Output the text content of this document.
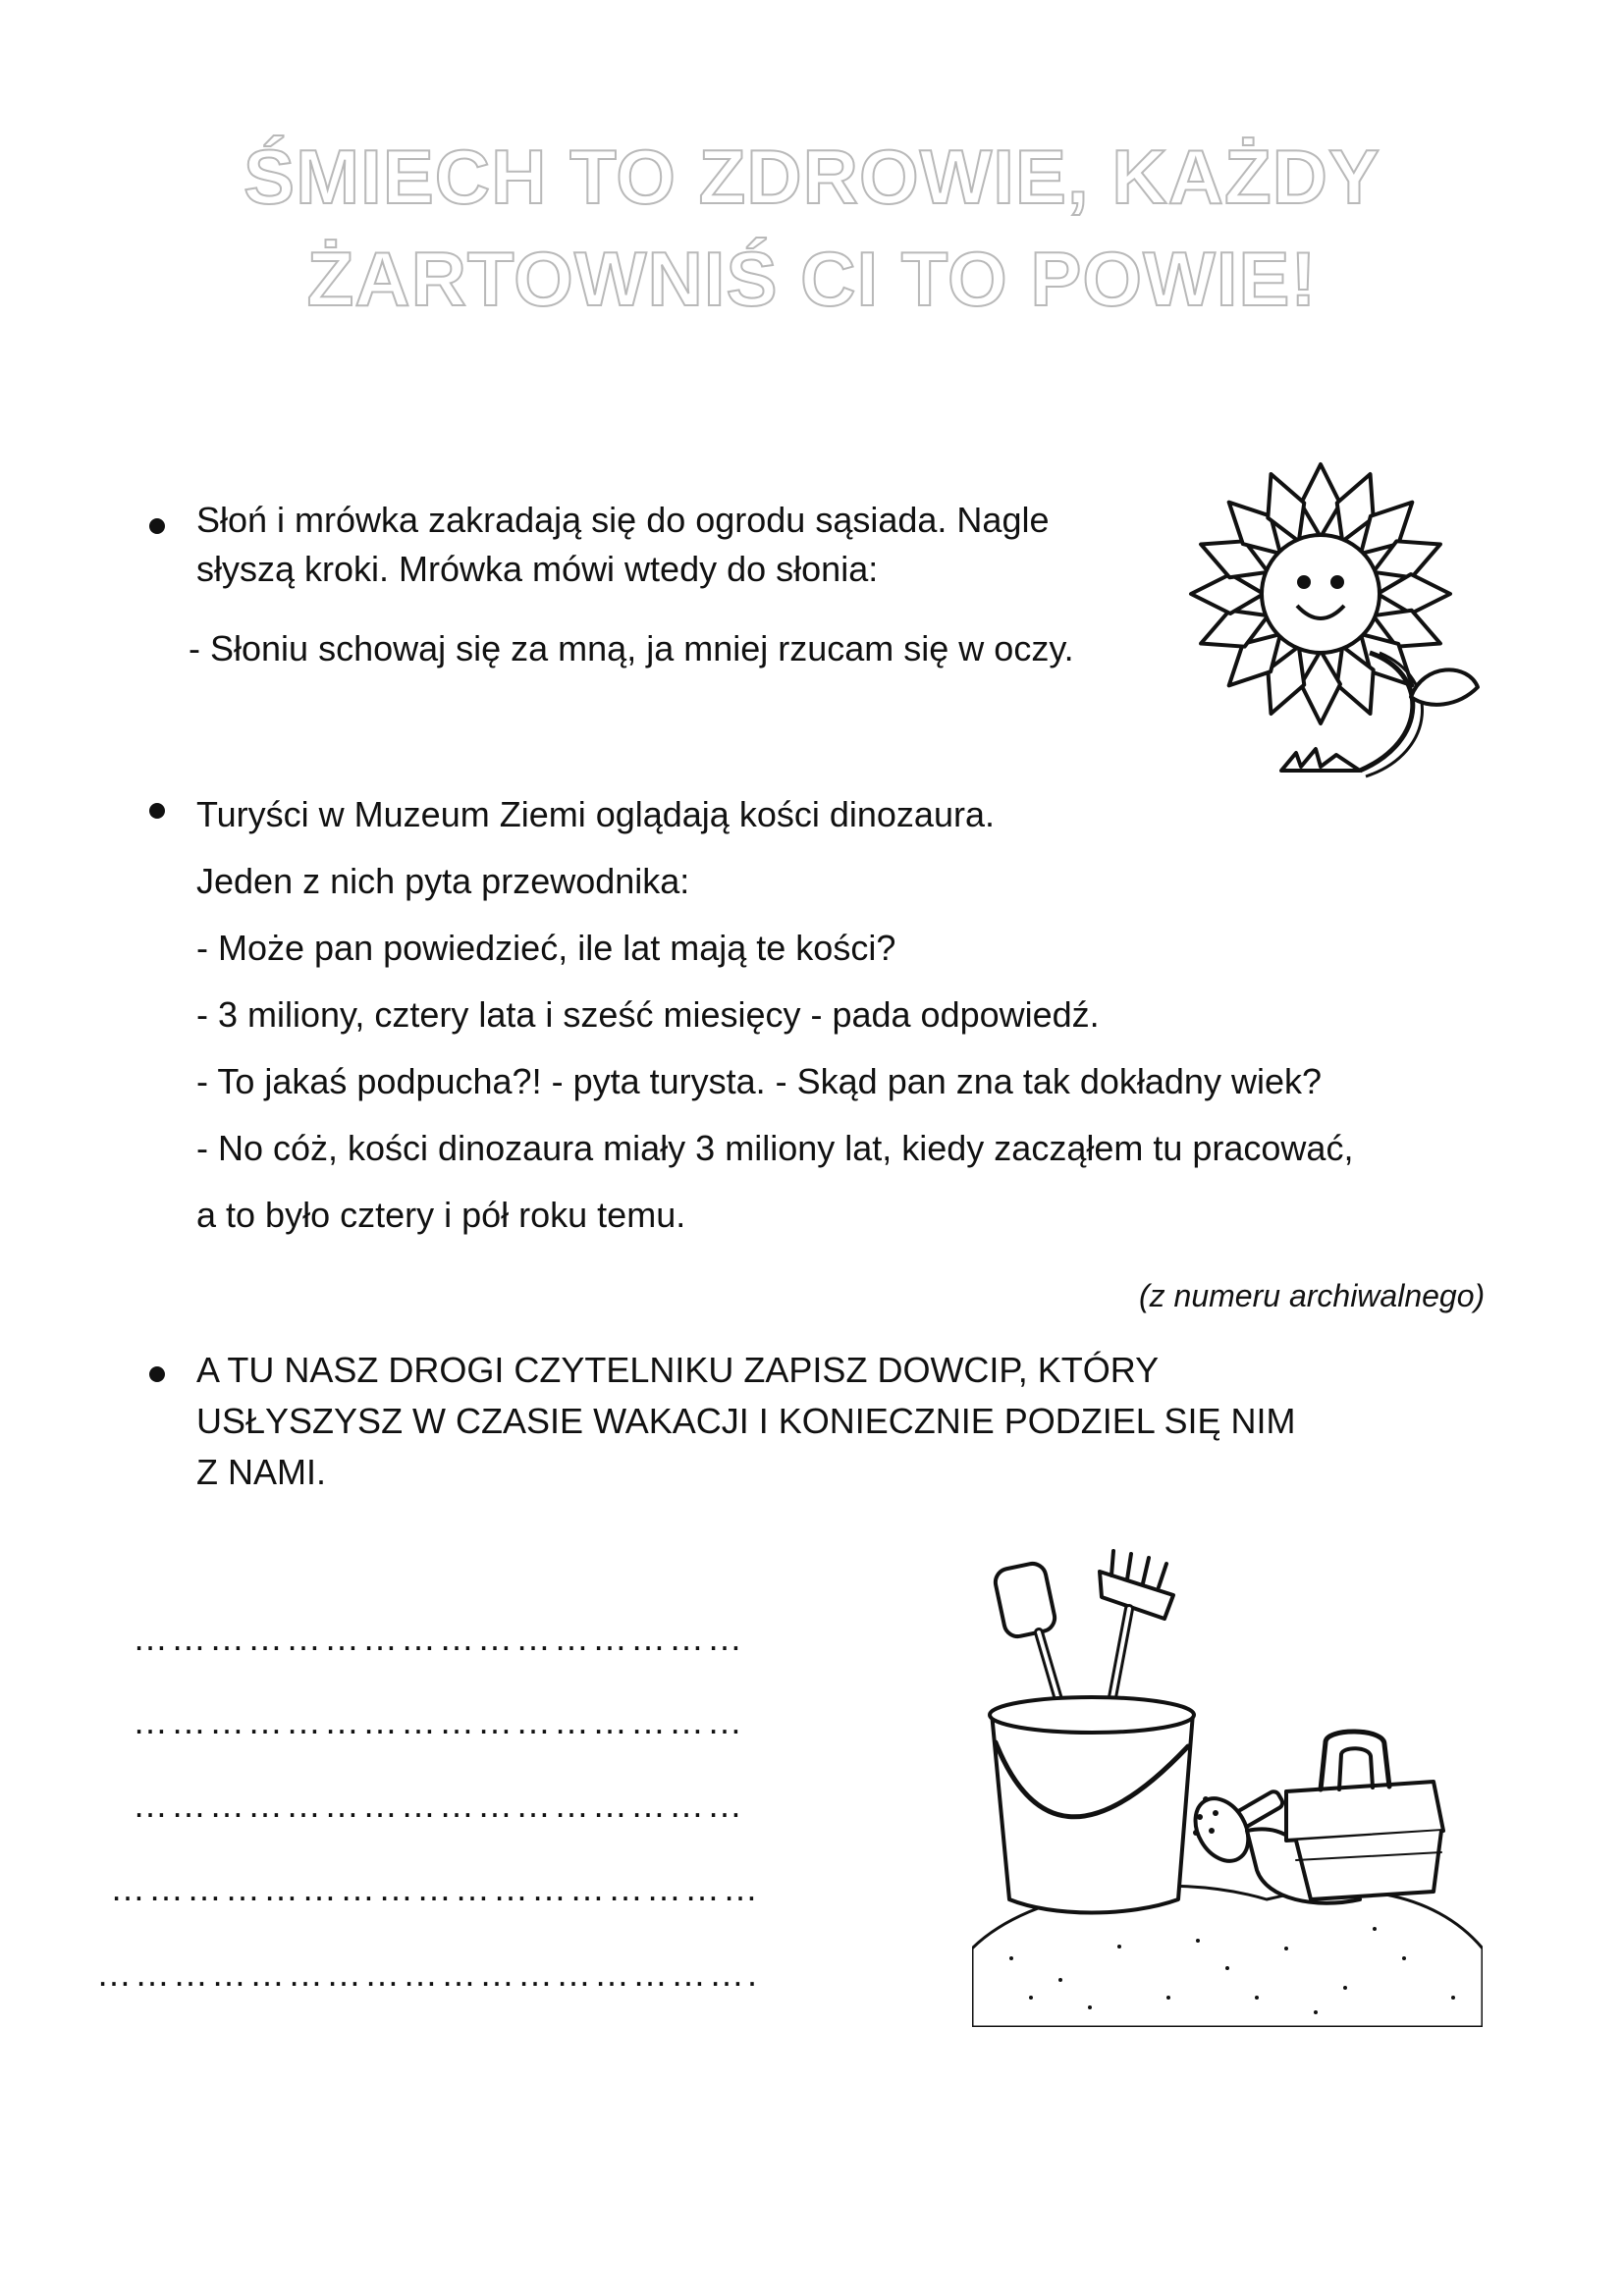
ŚMIECH TO ZDROWIE, KAŻDY
ŻARTOWNIŚ CI TO POWIE!
Słoń i mrówka zakradają się do ogrodu sąsiada. Nagle
słyszą kroki. Mrówka mówi wtedy do słonia:
- Słoniu schowaj się za mną, ja mniej rzucam się w oczy.
Turyści w Muzeum Ziemi oglądają kości dinozaura.
Jeden z nich pyta przewodnika:
- Może pan powiedzieć, ile lat mają te kości?
- 3 miliony, cztery lata i sześć miesięcy - pada odpowiedź.
- To jakaś podpucha?! - pyta turysta. - Skąd pan zna tak dokładny wiek?
- No cóż, kości dinozaura miały 3 miliony lat, kiedy zacząłem tu pracować,
a to było cztery i pół roku temu.
(z numeru archiwalnego)
A TU NASZ DROGI CZYTELNIKU ZAPISZ DOWCIP, KTÓRY
USŁYSZYSZ W CZASIE WAKACJI I KONIECZNIE PODZIEL SIĘ NIM
Z NAMI.
…………………………………………
…………………………………………
…………………………………………
……………………………………………
…………………………………………….
